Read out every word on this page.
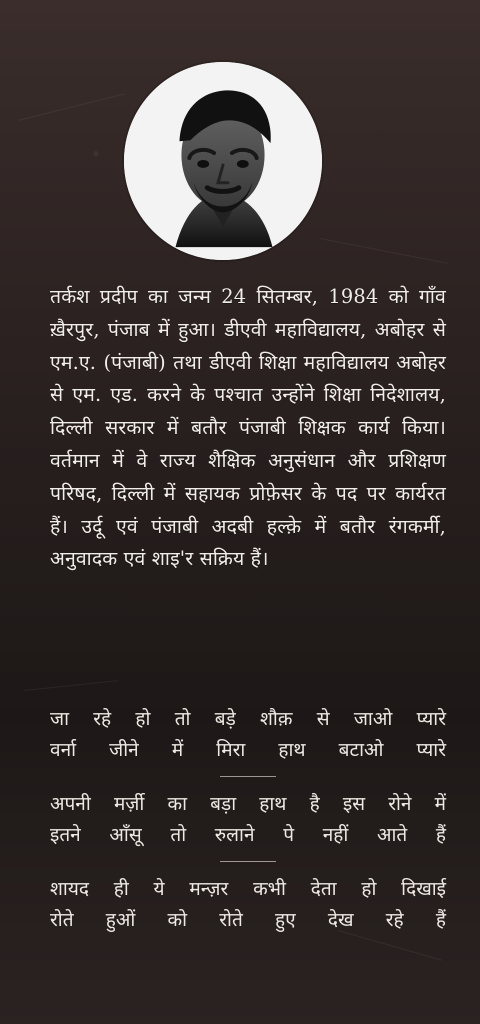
तर्कश प्रदीप का जन्म 24 सितम्बर, 1984 को गाँव ख़ैरपुर, पंजाब में हुआ। डीएवी महाविद्यालय, अबोहर से एम.ए. (पंजाबी) तथा डीएवी शिक्षा महाविद्यालय अबोहर से एम. एड. करने के पश्चात उन्होंने शिक्षा निदेशालय, दिल्ली सरकार में बतौर पंजाबी शिक्षक कार्य किया। वर्तमान में वे राज्य शैक्षिक अनुसंधान और प्रशिक्षण परिषद, दिल्ली में सहायक प्रोफ़ेसर के पद पर कार्यरत हैं। उर्दू एवं पंजाबी अदबी हल्क़े में बतौर रंगकर्मी, अनुवादक एवं शाइ'र सक्रिय हैं।
जा रहे हो तो बड़े शौक़ से जाओ प्यारे
वर्ना जीने में मिरा हाथ बटाओ प्यारे
अपनी मर्ज़ी का बड़ा हाथ है इस रोने में
इतने आँसू तो रुलाने पे नहीं आते हैं
शायद ही ये मन्ज़र कभी देता हो दिखाई
रोते हुओं को रोते हुए देख रहे हैं
